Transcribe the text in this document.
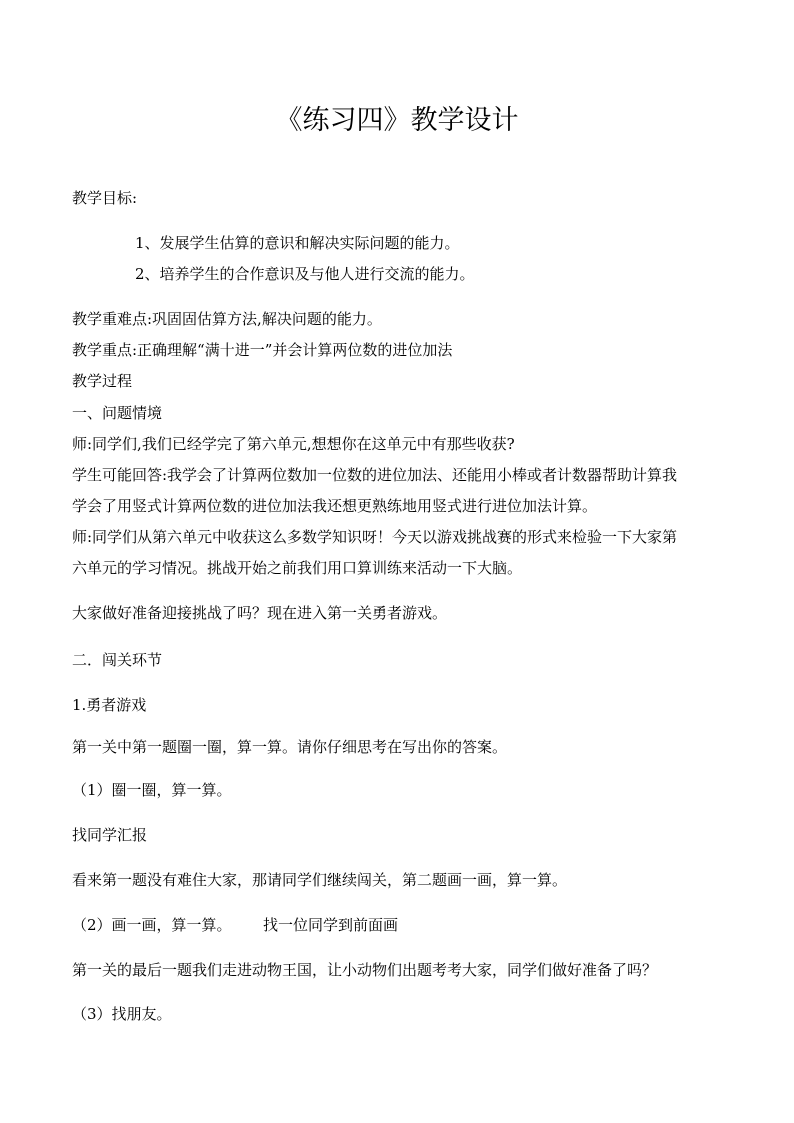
《练习四》教学设计
教学目标:
1、发展学生估算的意识和解决实际问题的能力。
2、培养学生的合作意识及与他人进行交流的能力。
教学重难点:巩固固估算方法,解决问题的能力。
教学重点:正确理解“满十进一”并会计算两位数的进位加法
教学过程
一、问题情境
师:同学们,我们已经学完了第六单元,想想你在这单元中有那些收获?
学生可能回答:我学会了计算两位数加一位数的进位加法、还能用小棒或者计数器帮助计算我
学会了用竖式计算两位数的进位加法我还想更熟练地用竖式进行进位加法计算。
师:同学们从第六单元中收获这么多数学知识呀！今天以游戏挑战赛的形式来检验一下大家第
六单元的学习情况。挑战开始之前我们用口算训练来活动一下大脑。
大家做好准备迎接挑战了吗？现在进入第一关勇者游戏。
二．闯关环节
1.勇者游戏
第一关中第一题圈一圈，算一算。请你仔细思考在写出你的答案。
（1）圈一圈，算一算。
找同学汇报
看来第一题没有难住大家，那请同学们继续闯关，第二题画一画，算一算。
（2）画一画，算一算。 找一位同学到前面画
第一关的最后一题我们走进动物王国，让小动物们出题考考大家，同学们做好准备了吗？
（3）找朋友。
